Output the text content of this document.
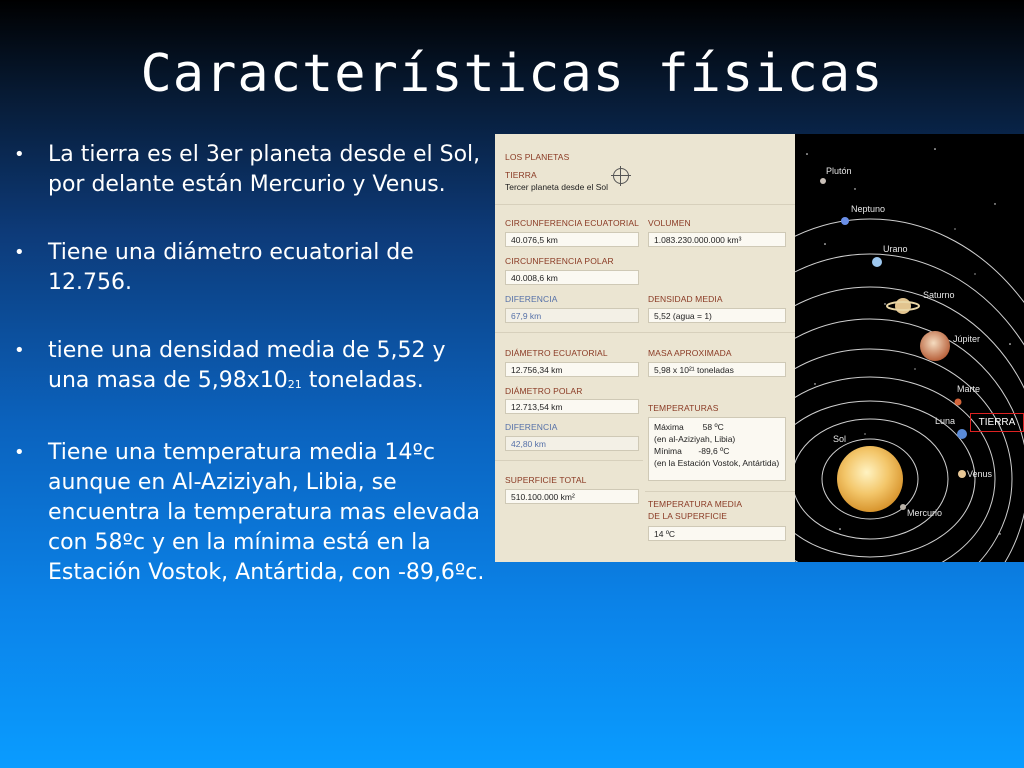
Características físicas
• La tierra es el 3er planeta desde el Sol, por delante están Mercurio y Venus.
• Tiene una diámetro ecuatorial de 12.756.
• tiene una densidad media de 5,52 y una masa de $5,98x10_{21}$ toneladas.
• Tiene una temperatura media 14ºc aunque en Al-Aziziyah, Libia, se encuentra la temperatura mas elevada con 58ºc y en la mínima está en la Estación Vostok, Antártida, con -89,6ºc.
LOS PLANETAS
TIERRA
Tercer planeta desde el Sol
CIRCUNFERENCIA ECUATORIAL
40.076,5 km
VOLUMEN
1.083.230.000.000 km³
CIRCUNFERENCIA POLAR
40.008,6 km
DIFERENCIA
67,9 km
DENSIDAD MEDIA
5,52 (agua = 1)
DIÁMETRO ECUATORIAL
12.756,34 km
MASA APROXIMADA
5,98 x 10²¹ toneladas
DIÁMETRO POLAR
12.713,54 km	TEMPERATURAS
Máxima        58 ºC
(en al-Aziziyah, Libia)
Mínima       -89,6 ºC
(en la Estación Vostok, Antártida)
DIFERENCIA
42,80 km
SUPERFICIE TOTAL
510.100.000 km²
TEMPERATURA MEDIA
DE LA SUPERFICIE
14 ºC
Plutón
Neptuno
Urano
Saturno
Júpiter
Marte
Luna	TIERRA
Sol
Venus
Mercurio
